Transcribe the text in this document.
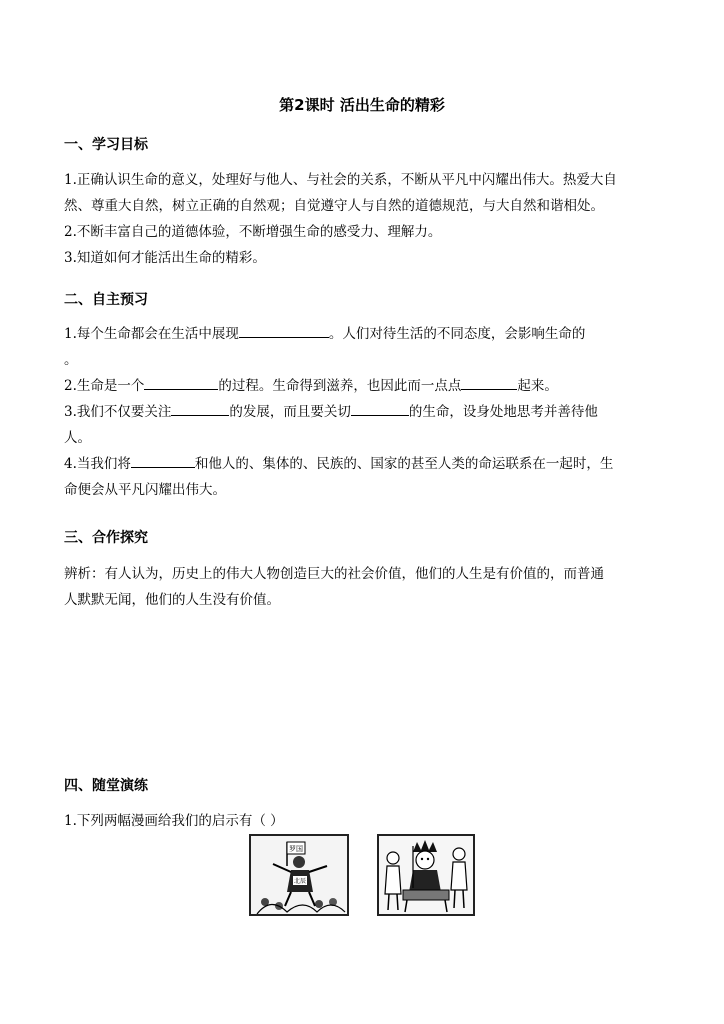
第2课时 活出生命的精彩
一、学习目标
1.正确认识生命的意义，处理好与他人、与社会的关系，不断从平凡中闪耀出伟大。热爱大自
然、尊重大自然，树立正确的自然观；自觉遵守人与自然的道德规范，与大自然和谐相处。
2.不断丰富自己的道德体验，不断增强生命的感受力、理解力。
3.知道如何才能活出生命的精彩。
二、自主预习
1.每个生命都会在生活中展现	。人们对待生活的不同态度，会影响生命的
。
2.生命是一个	的过程。生命得到滋养，也因此而一点点	起来。
3.我们不仅要关注	的发展，而且要关切	的生命，设身处地思考并善待他
人。
4.当我们将	和他人的、集体的、民族的、国家的甚至人类的命运联系在一起时，生
命便会从平凡闪耀出伟大。
三、合作探究
辨析：有人认为，历史上的伟大人物创造巨大的社会价值，他们的人生是有价值的，而普通
人默默无闻，他们的人生没有价值。
四、随堂演练
1.下列两幅漫画给我们的启示有（ ）
罗国
北辰
